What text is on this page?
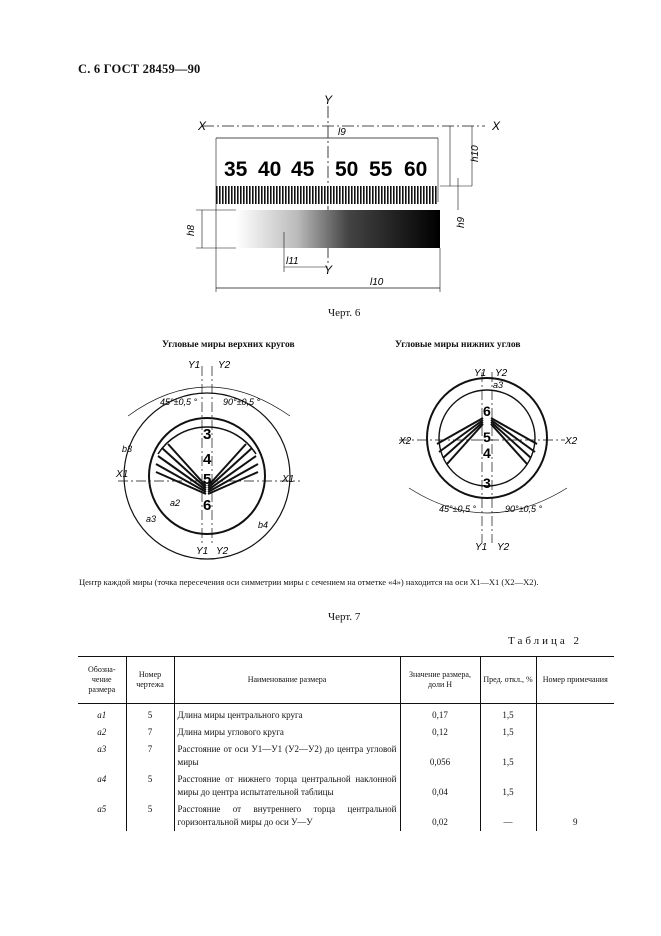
С. 6 ГОСТ 28459—90
X	X
Y
Y
l9
35 40 45 50 55 60
h10
h9
h8
l11
l10
Черт. 6
Угловые миры верхних кругов	Угловые миры нижних углов
3
4
5
6
Y1 Y2
Y1 Y2
X1	X1
45°±0,5 °	90°±0,5 °
b3
b4
a2
a3
6
5
4
3
Y1 Y2
Y1 Y2
X2	X2
a3
45°±0,5 °	90°±0,5 °
Центр каждой миры (точка пересечения оси симметрии миры с сечением на отметке «4») находится на оси X1—X1 (X2—X2).
Черт. 7
Таблица 2
Обозна-чение размера	Номер чертежа	Наименование размера	Значение размера, доли H	Пред. откл., %	Номер примечания
a1	5	Длина миры центрального круга	0,17	1,5	
a2	7	Длина миры углового круга	0,12	1,5	
a3	7	Расстояние от оси У1—У1 (У2—У2) до центра угловой миры	0,056	1,5	
a4	5	Расстояние от нижнего торца центральной наклонной миры до центра испытательной таблицы	0,04	1,5	
a5	5	Расстояние от внутреннего торца центральной горизонтальной миры до оси У—У	0,02	—	9
